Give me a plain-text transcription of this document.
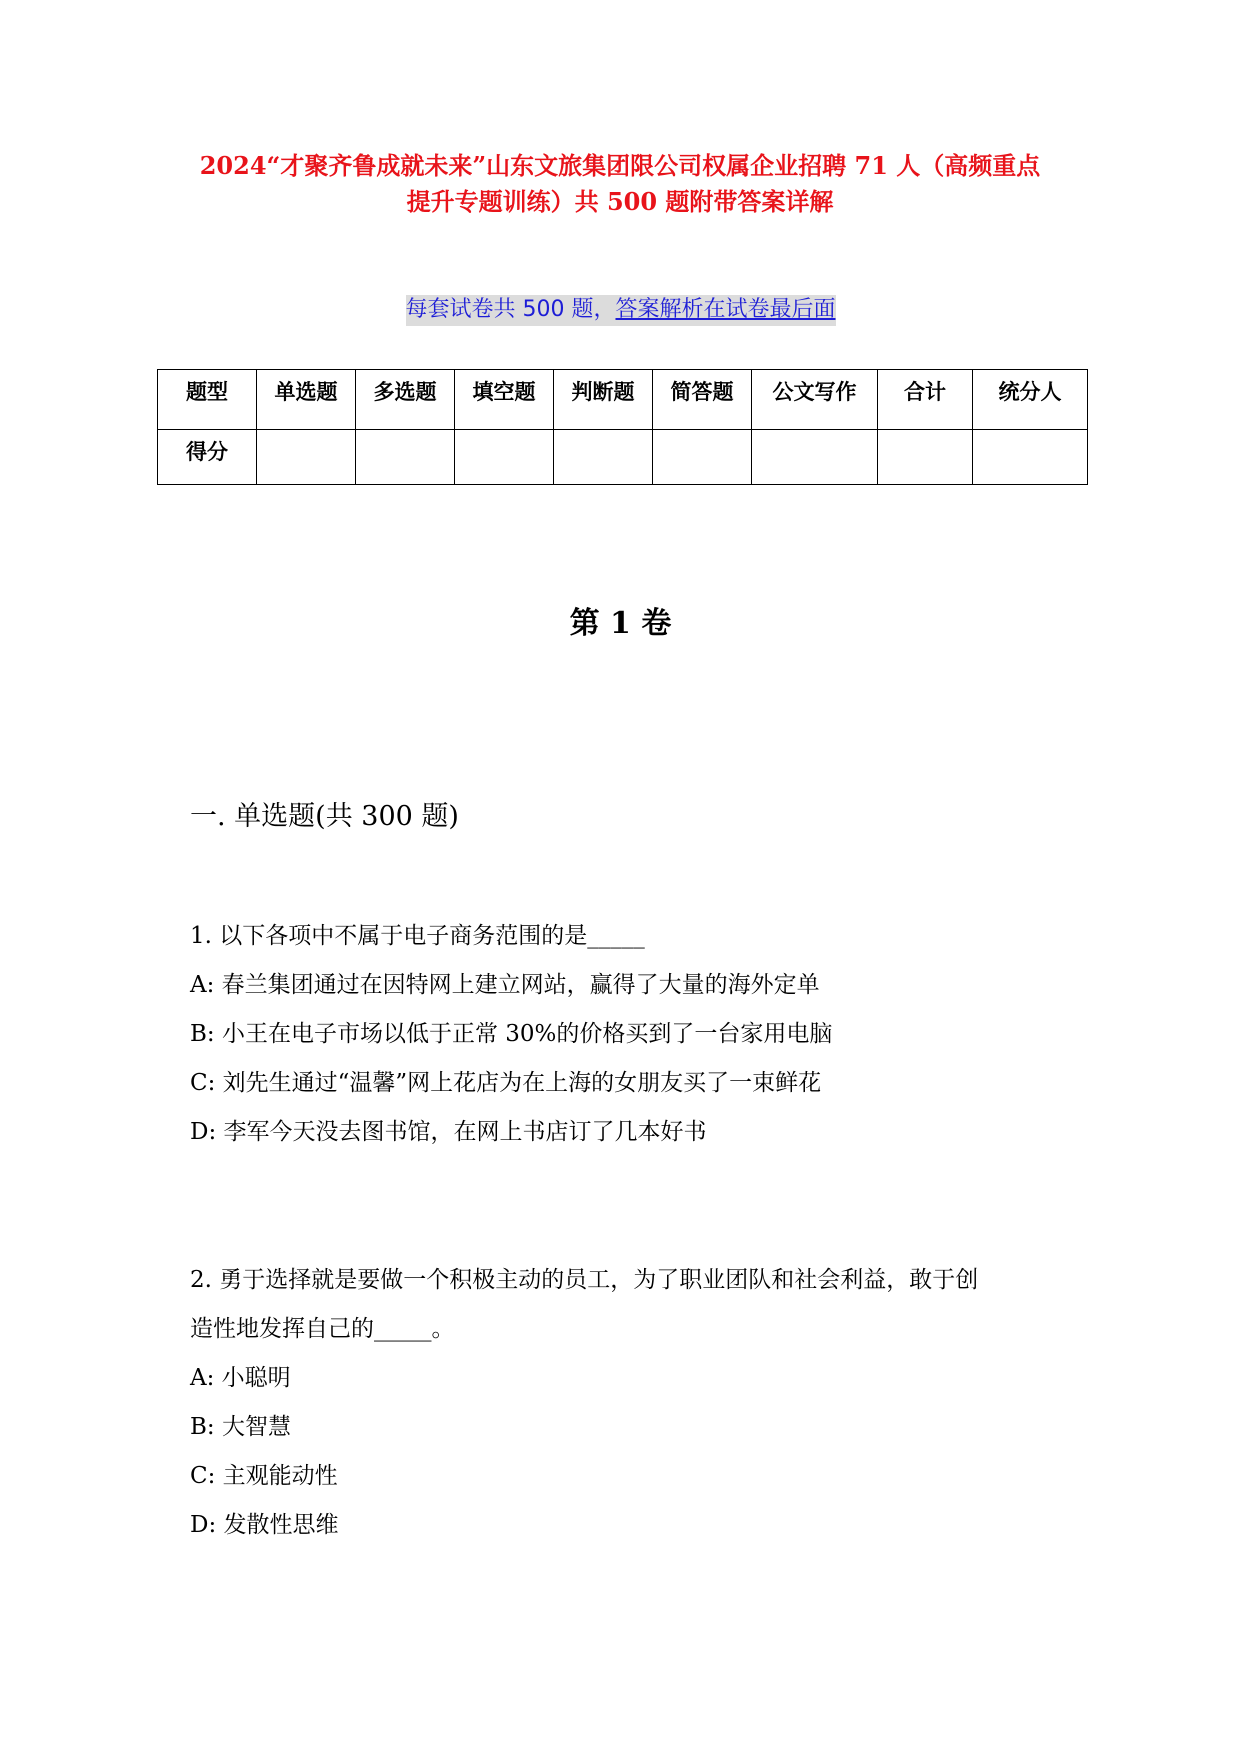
2024“才聚齐鲁成就未来”山东文旅集团限公司权属企业招聘 71 人（高频重点
提升专题训练）共 500 题附带答案详解
每套试卷共 500 题，答案解析在试卷最后面
题型	单选题	多选题	填空题	判断题	简答题	公文写作	合计	统分人
得分								
第 1 卷
一. 单选题(共 300 题)

1. 以下各项中不属于电子商务范围的是_____

A: 春兰集团通过在因特网上建立网站，赢得了大量的海外定单

B: 小王在电子市场以低于正常 30%的价格买到了一台家用电脑

C: 刘先生通过“温馨”网上花店为在上海的女朋友买了一束鲜花

D: 李军今天没去图书馆，在网上书店订了几本好书

2. 勇于选择就是要做一个积极主动的员工，为了职业团队和社会利益，敢于创

造性地发挥自己的_____。

A: 小聪明

B: 大智慧

C: 主观能动性

D: 发散性思维
